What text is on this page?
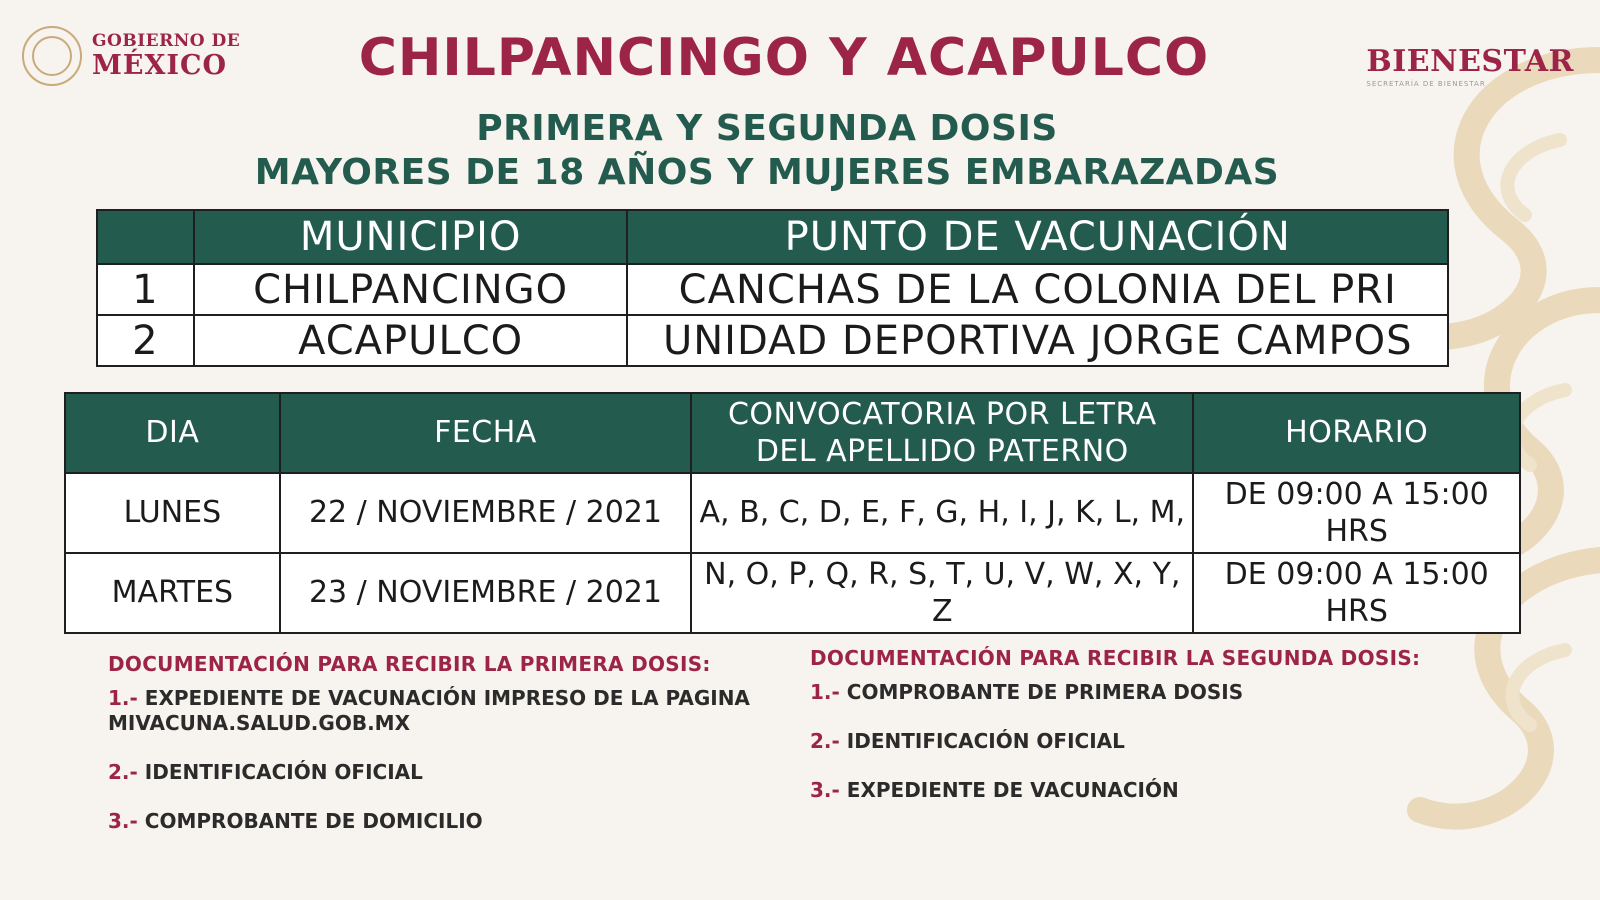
GOBIERNO DE
MÉXICO	CHILPANCINGO Y ACAPULCO	BIENESTAR
SECRETARÍA DE BIENESTAR
PRIMERA Y SEGUNDA DOSIS
MAYORES DE 18 AÑOS Y MUJERES EMBARAZADAS
	MUNICIPIO	PUNTO DE VACUNACIÓN
1	CHILPANCINGO	CANCHAS DE LA COLONIA DEL PRI
2	ACAPULCO	UNIDAD DEPORTIVA JORGE CAMPOS
DIA	FECHA	CONVOCATORIA POR LETRA DEL APELLIDO PATERNO	HORARIO
LUNES	22 / NOVIEMBRE / 2021	A, B, C, D, E, F, G, H, I, J, K, L, M,	DE 09:00 A 15:00 HRS
MARTES	23 / NOVIEMBRE / 2021	N, O, P, Q, R, S, T, U, V, W, X, Y, Z	DE 09:00 A 15:00 HRS
DOCUMENTACIÓN PARA RECIBIR LA PRIMERA DOSIS:
1.- EXPEDIENTE DE VACUNACIÓN IMPRESO DE LA PAGINA MIVACUNA.SALUD.GOB.MX
2.- IDENTIFICACIÓN OFICIAL
3.- COMPROBANTE DE DOMICILIO
DOCUMENTACIÓN PARA RECIBIR LA SEGUNDA DOSIS:
1.- COMPROBANTE DE PRIMERA DOSIS
2.- IDENTIFICACIÓN OFICIAL
3.- EXPEDIENTE DE VACUNACIÓN
